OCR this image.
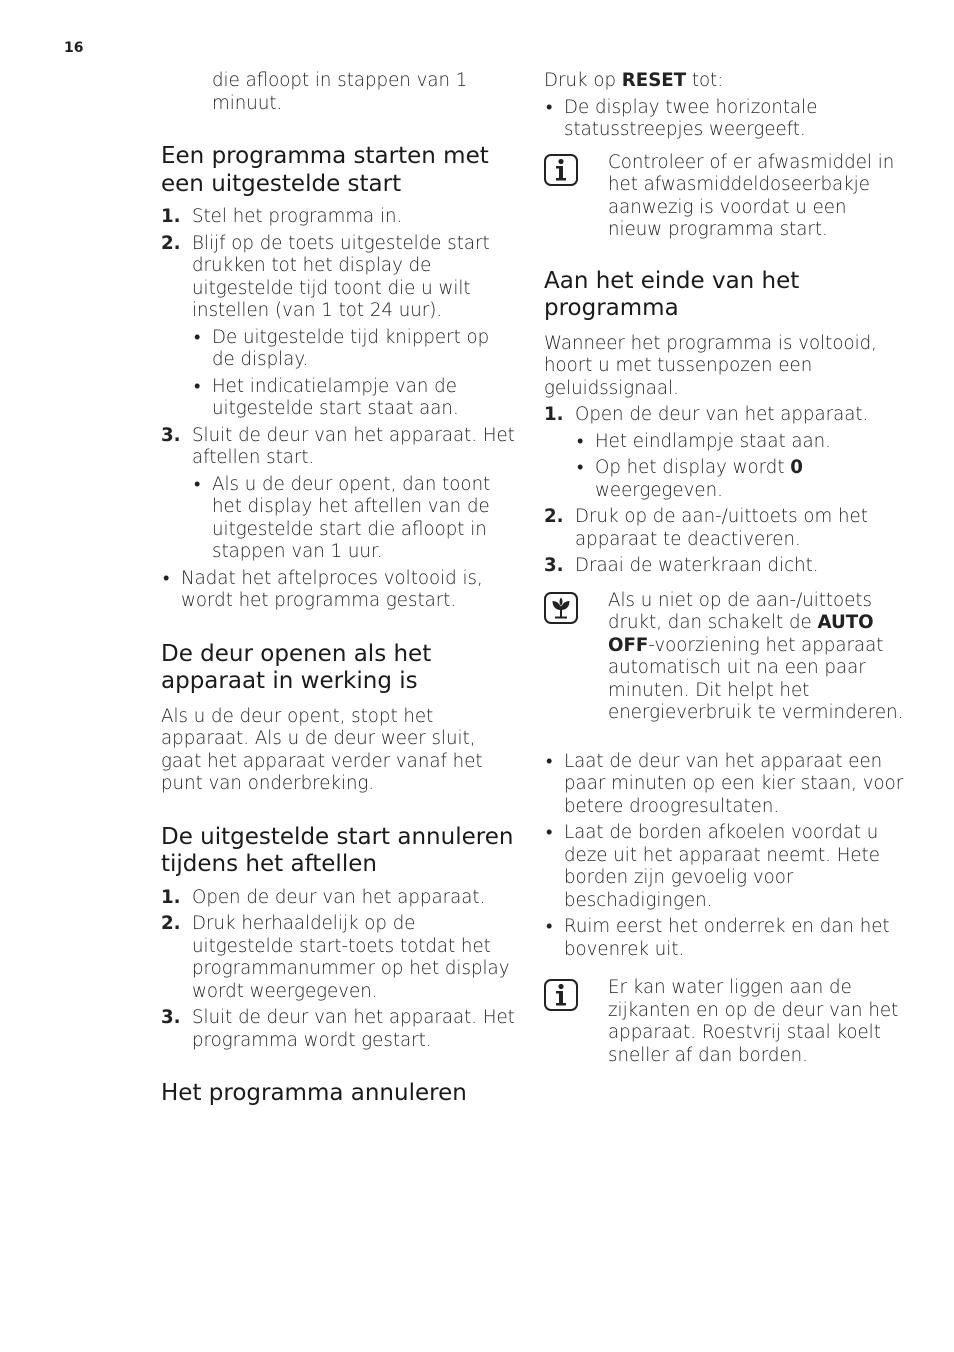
16

die afloopt in stappen van 1 minuut.

Een programma starten met een uitgestelde start
1. Stel het programma in.
2. Blijf op de toets uitgestelde start drukken tot het display de uitgestelde tijd toont die u wilt instellen (van 1 tot 24 uur).
• De uitgestelde tijd knippert op de display.
• Het indicatielampje van de uitgestelde start staat aan.
3. Sluit de deur van het apparaat. Het aftellen start.
• Als u de deur opent, dan toont het display het aftellen van de uitgestelde start die afloopt in stappen van 1 uur.
• Nadat het aftelproces voltooid is, wordt het programma gestart.
De deur openen als het apparaat in werking is

Als u de deur opent, stopt het apparaat. Als u de deur weer sluit, gaat het apparaat verder vanaf het punt van onderbreking.

De uitgestelde start annuleren tijdens het aftellen
1. Open de deur van het apparaat.
2. Druk herhaaldelijk op de uitgestelde start-toets totdat het programmanummer op het display wordt weergegeven.
3. Sluit de deur van het apparaat. Het programma wordt gestart.
Het programma annuleren

Druk op RESET tot:

• De display twee horizontale statusstreepjes weergeeft.

Controleer of er afwasmiddel in het afwasmiddeldoseerbakje aanwezig is voordat u een nieuw programma start.

Aan het einde van het programma

Wanneer het programma is voltooid, hoort u met tussenpozen een geluidssignaal.

1. Open de deur van het apparaat.
• Het eindlampje staat aan.
• Op het display wordt 0 weergegeven.
2. Druk op de aan-/uittoets om het apparaat te deactiveren.
3. Draai de waterkraan dicht.

Als u niet op de aan-/uittoets drukt, dan schakelt de AUTO OFF-voorziening het apparaat automatisch uit na een paar minuten. Dit helpt het energieverbruik te verminderen.

• Laat de deur van het apparaat een paar minuten op een kier staan, voor betere droogresultaten.
• Laat de borden afkoelen voordat u deze uit het apparaat neemt. Hete borden zijn gevoelig voor beschadigingen.
• Ruim eerst het onderrek en dan het bovenrek uit.

Er kan water liggen aan de zijkanten en op de deur van het apparaat. Roestvrij staal koelt sneller af dan borden.
